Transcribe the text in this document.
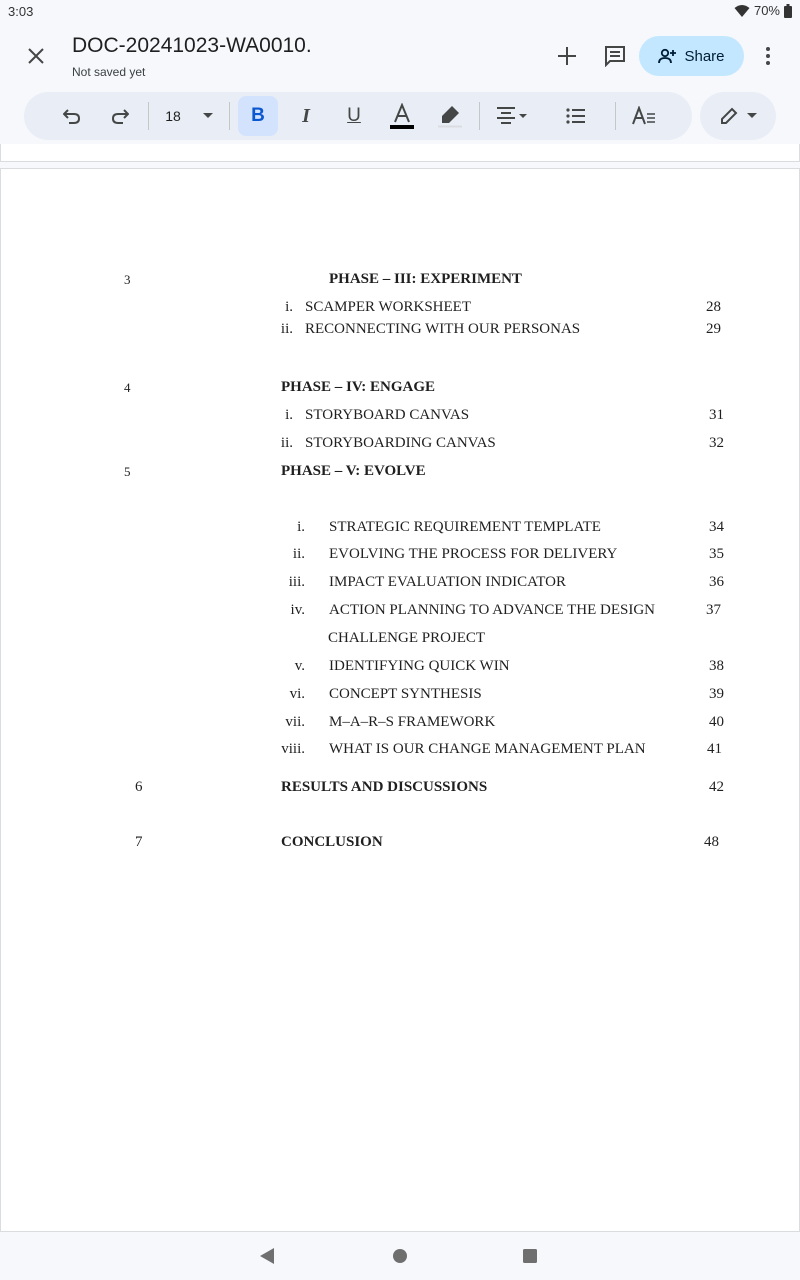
3:03	70%
DOC-20241023-WA0010.
Not saved yet
Share
18	B I U
3	PHASE – III: EXPERIMENT
i. SCAMPER WORKSHEET	28
ii. RECONNECTING WITH OUR PERSONAS	29
4	PHASE – IV: ENGAGE
i. STORYBOARD CANVAS	31
ii. STORYBOARDING CANVAS	32
5	PHASE – V: EVOLVE
i. STRATEGIC REQUIREMENT TEMPLATE	34
ii. EVOLVING THE PROCESS FOR DELIVERY	35
iii. IMPACT EVALUATION INDICATOR	36
iv. ACTION PLANNING TO ADVANCE THE DESIGN	37
CHALLENGE PROJECT
v. IDENTIFYING QUICK WIN	38
vi. CONCEPT SYNTHESIS	39
vii. M–A–R–S FRAMEWORK	40
viii. WHAT IS OUR CHANGE MANAGEMENT PLAN	41
6	RESULTS AND DISCUSSIONS	42
7	CONCLUSION	48
